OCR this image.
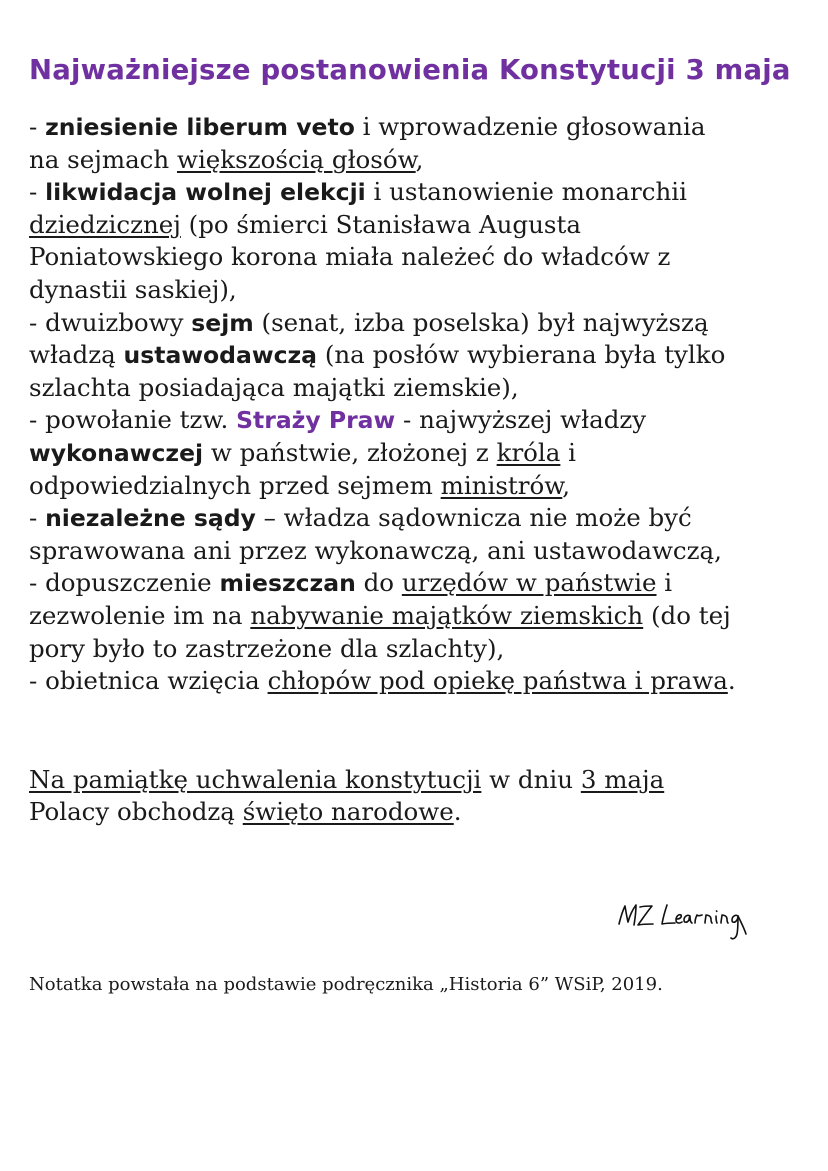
Najważniejsze postanowienia Konstytucji 3 maja
- zniesienie liberum veto i wprowadzenie głosowania
na sejmach większością głosów,
- likwidacja wolnej elekcji i ustanowienie monarchii
dziedzicznej (po śmierci Stanisława Augusta
Poniatowskiego korona miała należeć do władców z
dynastii saskiej),
- dwuizbowy sejm (senat, izba poselska) był najwyższą
władzą ustawodawczą (na posłów wybierana była tylko
szlachta posiadająca majątki ziemskie),
- powołanie tzw. Straży Praw - najwyższej władzy
wykonawczej w państwie, złożonej z króla i
odpowiedzialnych przed sejmem ministrów,
- niezależne sądy – władza sądownicza nie może być
sprawowana ani przez wykonawczą, ani ustawodawczą,
- dopuszczenie mieszczan do urzędów w państwie i
zezwolenie im na nabywanie majątków ziemskich (do tej
pory było to zastrzeżone dla szlachty),
- obietnica wzięcia chłopów pod opiekę państwa i prawa.
Na pamiątkę uchwalenia konstytucji w dniu 3 maja
Polacy obchodzą święto narodowe.
Notatka powstała na podstawie podręcznika „Historia 6” WSiP, 2019.
